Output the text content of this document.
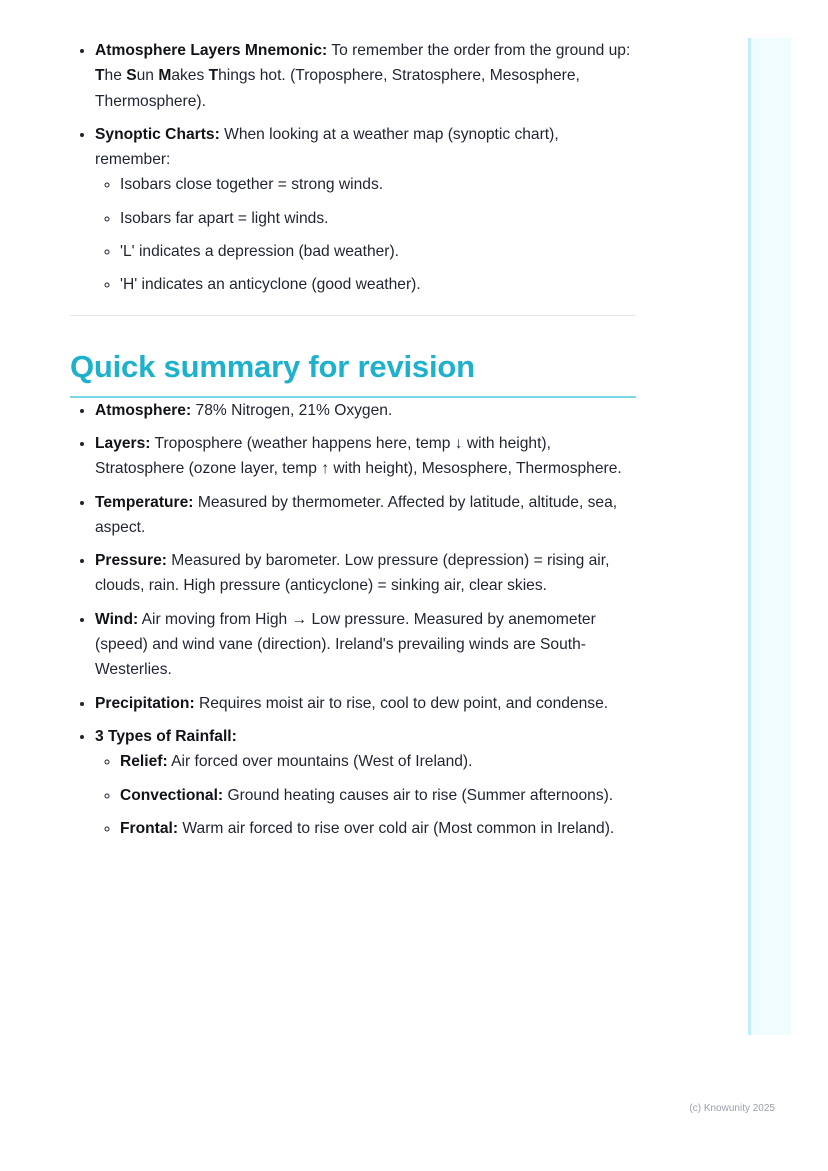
• Atmosphere Layers Mnemonic: To remember the order from the ground up: The Sun Makes Things hot. (Troposphere, Stratosphere, Mesosphere, Thermosphere).
• Synoptic Charts: When looking at a weather map (synoptic chart), remember:
◦ Isobars close together = strong winds.
◦ Isobars far apart = light winds.
◦ 'L' indicates a depression (bad weather).
◦ 'H' indicates an anticyclone (good weather).
Quick summary for revision
• Atmosphere: 78% Nitrogen, 21% Oxygen.
• Layers: Troposphere (weather happens here, temp ↓ with height), Stratosphere (ozone layer, temp ↑ with height), Mesosphere, Thermosphere.
• Temperature: Measured by thermometer. Affected by latitude, altitude, sea, aspect.
• Pressure: Measured by barometer. Low pressure (depression) = rising air, clouds, rain. High pressure (anticyclone) = sinking air, clear skies.
• Wind: Air moving from High → Low pressure. Measured by anemometer (speed) and wind vane (direction). Ireland's prevailing winds are South-Westerlies.
• Precipitation: Requires moist air to rise, cool to dew point, and condense.
• 3 Types of Rainfall:
◦ Relief: Air forced over mountains (West of Ireland).
◦ Convectional: Ground heating causes air to rise (Summer afternoons).
◦ Frontal: Warm air forced to rise over cold air (Most common in Ireland).
(c) Knowunity 2025
